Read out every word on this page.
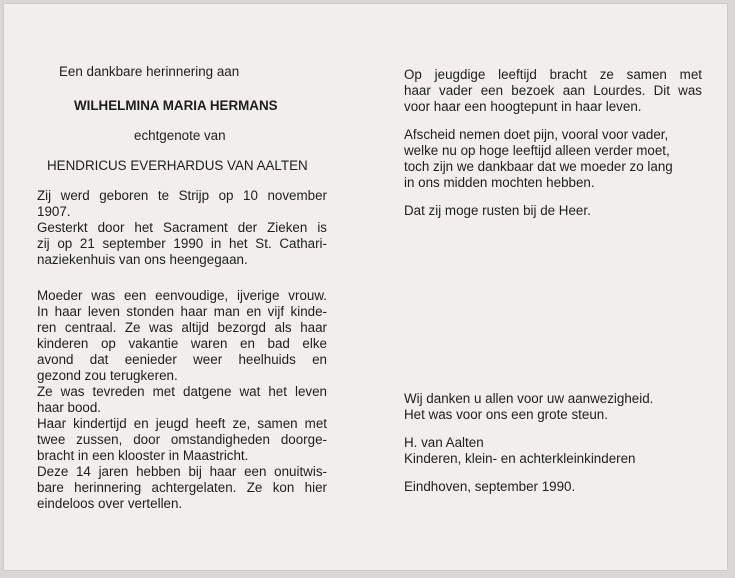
Een dankbare herinnering aan
WILHELMINA MARIA HERMANS
echtgenote van
HENDRICUS EVERHARDUS VAN AALTEN
Zij werd geboren te Strijp op 10 november
1907.
Gesterkt door het Sacrament der Zieken is
zij op 21 september 1990 in het St. Cathari-
naziekenhuis van ons heengegaan.
Moeder was een eenvoudige, ijverige vrouw.
In haar leven stonden haar man en vijf kinde-
ren centraal. Ze was altijd bezorgd als haar
kinderen op vakantie waren en bad elke
avond dat eenieder weer heelhuids en
gezond zou terugkeren.
Ze was tevreden met datgene wat het leven
haar bood.
Haar kindertijd en jeugd heeft ze, samen met
twee zussen, door omstandigheden doorge-
bracht in een klooster in Maastricht.
Deze 14 jaren hebben bij haar een onuitwis-
bare herinnering achtergelaten. Ze kon hier
eindeloos over vertellen.
Op jeugdige leeftijd bracht ze samen met
haar vader een bezoek aan Lourdes. Dit was
voor haar een hoogtepunt in haar leven.
Afscheid nemen doet pijn, vooral voor vader,
welke nu op hoge leeftijd alleen verder moet,
toch zijn we dankbaar dat we moeder zo lang
in ons midden mochten hebben.
Dat zij moge rusten bij de Heer.
Wij danken u allen voor uw aanwezigheid.
Het was voor ons een grote steun.
H. van Aalten
Kinderen, klein- en achterkleinkinderen
Eindhoven, september 1990.
